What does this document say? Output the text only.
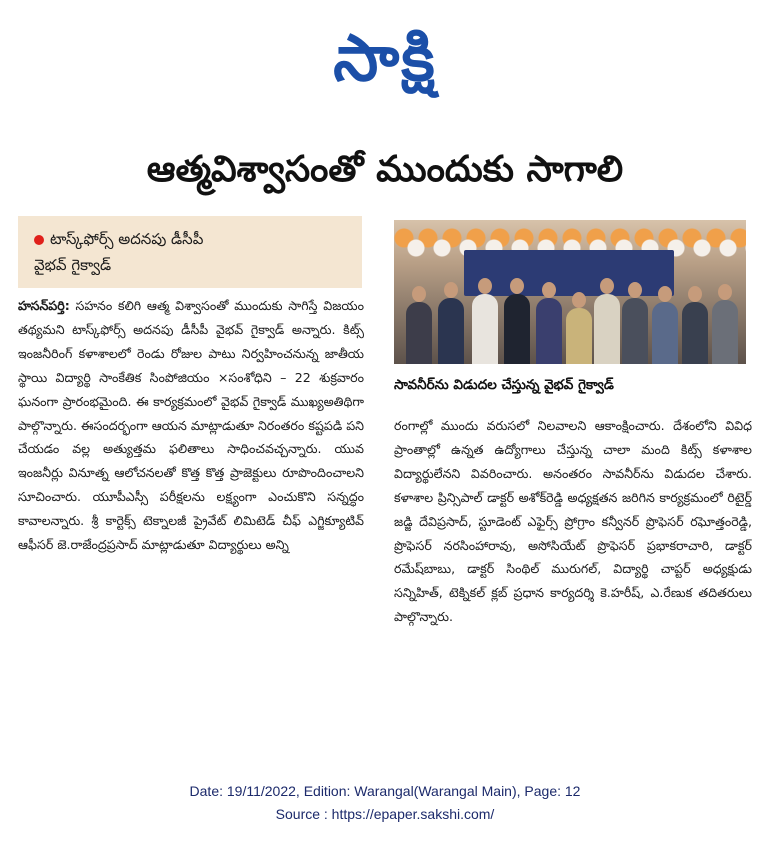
సాక్షి
ఆత్మవిశ్వాసంతో ముందుకు సాగాలి
టాస్క్‌ఫోర్స్ అదనపు డీసీపీ
వైభవ్ గైక్వాడ్
హసన్‌పర్తి: సహనం కలిగి ఆత్మ విశ్వాసంతో ముందుకు సాగిస్తే విజయం తథ్యమని టాస్క్‌ఫోర్స్ అదనపు డీసీపీ వైభవ్ గైక్వాడ్ అన్నారు. కిట్స్ ఇంజనీరింగ్ కళాశాలలో రెండు రోజుల పాటు నిర్వహించనున్న జాతీయ స్థాయి విద్యార్థి సాంకేతిక సింపోజియం ×సంశోధిని – 22 శుక్రవారం ఘనంగా ప్రారంభమైంది. ఈ కార్యక్రమంలో వైభవ్ గైక్వాడ్ ముఖ్యఅతిథిగా పాల్గొన్నారు. ఈసందర్భంగా ఆయన మాట్లాడుతూ నిరంతరం కష్టపడి పని చేయడం వల్ల అత్యుత్తమ ఫలితాలు సాధించవచ్చన్నారు. యువ ఇంజనీర్లు వినూత్న ఆలోచనలతో కొత్త కొత్త ప్రాజెక్టులు రూపొందించాలని సూచించారు. యూపీఎస్సీ పరీక్షలను లక్ష్యంగా ఎంచుకొని సన్నద్ధం కావాలన్నారు. శ్రీ కార్టెక్స్ టెక్నాలజీ ప్రైవేట్ లిమిటెడ్ చీఫ్ ఎగ్జిక్యూటివ్ ఆఫీసర్ జె.రాజేంద్రప్రసాద్ మాట్లాడుతూ విద్యార్థులు అన్ని
సావనీర్‌ను విడుదల చేస్తున్న వైభవ్ గైక్వాడ్
రంగాల్లో ముందు వరుసలో నిలవాలని ఆకాంక్షించారు. దేశంలోని వివిధ ప్రాంతాల్లో ఉన్నత ఉద్యోగాలు చేస్తున్న చాలా మంది కిట్స్ కళాశాల విద్యార్థులేనని వివరించారు. అనంతరం సావనీర్‌ను విడుదల చేశారు. కళాశాల ప్రిన్సిపాల్ డాక్టర్ అశోక్‌రెడ్డి అధ్యక్షతన జరిగిన కార్యక్రమంలో రిటైర్డ్ జడ్జి దేవిప్రసాద్, స్టూడెంట్ ఎఫైర్స్ ప్రోగ్రాం కన్వీనర్ ప్రొఫెసర్ రఘోత్తంరెడ్డి, ప్రొఫెసర్ నరసింహారావు, అసోసియేట్ ప్రొఫెసర్ ప్రభాకరాచారి, డాక్టర్ రమేష్‌బాబు, డాక్టర్ సింథిల్ మురుగల్, విద్యార్థి చాప్టర్ అధ్యక్షుడు సన్నిహిత్, టెక్నికల్ క్లబ్ ప్రధాన కార్యదర్శి కె.హరీష్, ఎ.రేణుక తదితరులు పాల్గొన్నారు.
Date: 19/11/2022, Edition: Warangal(Warangal Main), Page: 12
Source : https://epaper.sakshi.com/
